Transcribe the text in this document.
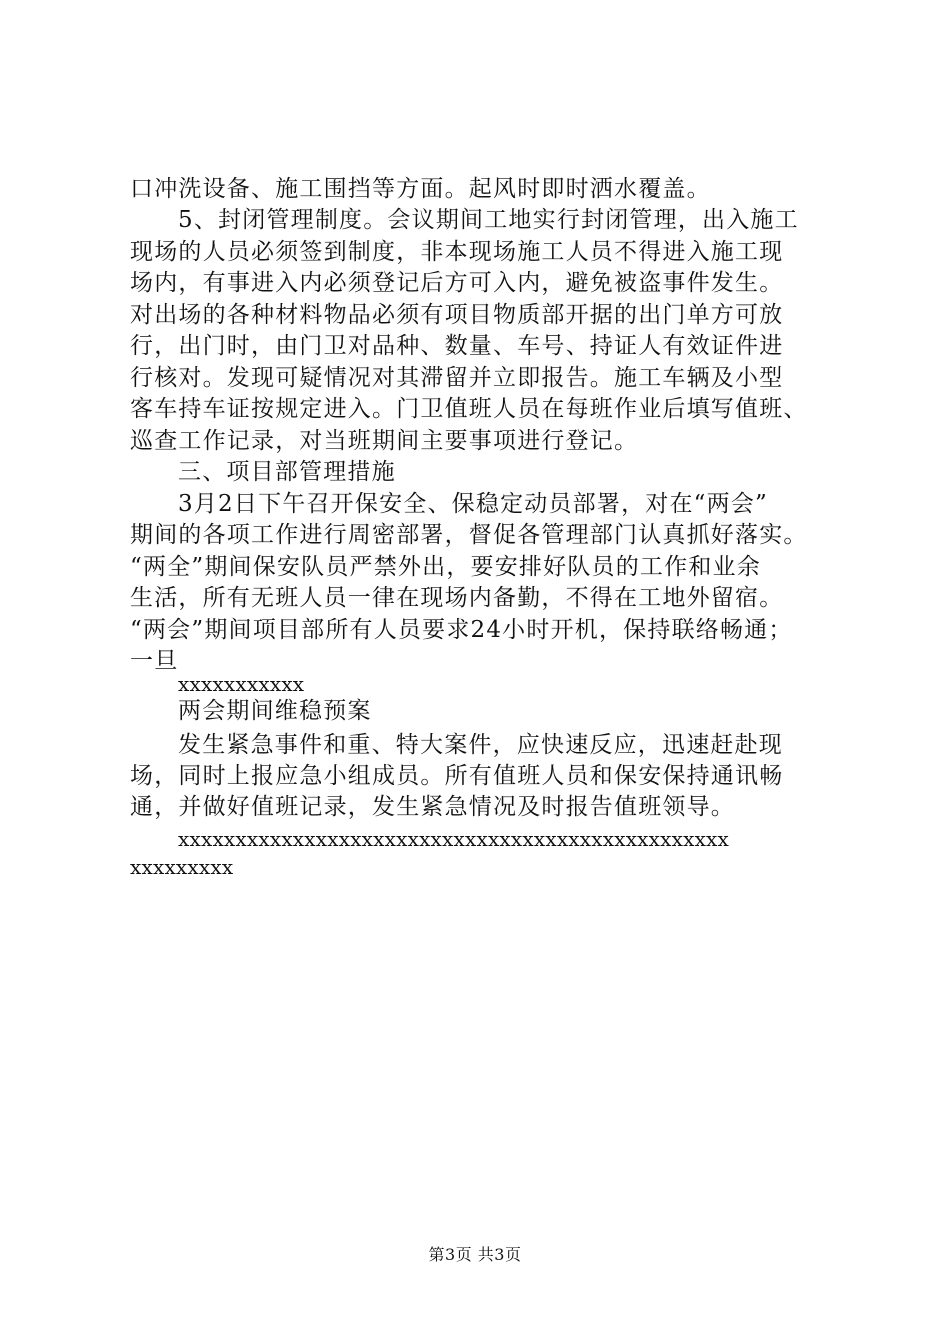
口冲洗设备、施工围挡等方面。起风时即时洒水覆盖。
5、封闭管理制度。会议期间工地实行封闭管理，出入施工
现场的人员必须签到制度，非本现场施工人员不得进入施工现
场内，有事进入内必须登记后方可入内，避免被盗事件发生。
对出场的各种材料物品必须有项目物质部开据的出门单方可放
行，出门时，由门卫对品种、数量、车号、持证人有效证件进
行核对。发现可疑情况对其滞留并立即报告。施工车辆及小型
客车持车证按规定进入。门卫值班人员在每班作业后填写值班、
巡查工作记录，对当班期间主要事项进行登记。
三、项目部管理措施
3月2日下午召开保安全、保稳定动员部署，对在“两会”
期间的各项工作进行周密部署，督促各管理部门认真抓好落实。
“两全”期间保安队员严禁外出，要安排好队员的工作和业余
生活，所有无班人员一律在现场内备勤，不得在工地外留宿。
“两会”期间项目部所有人员要求24小时开机，保持联络畅通；
一旦
xxxxxxxxxxx
两会期间维稳预案
发生紧急事件和重、特大案件，应快速反应，迅速赶赴现
场，同时上报应急小组成员。所有值班人员和保安保持通讯畅
通，并做好值班记录，发生紧急情况及时报告值班领导。
xxxxxxxxxxxxxxxxxxxxxxxxxxxxxxxxxxxxxxxxxxxxxxxx
xxxxxxxxx
第3页 共3页
